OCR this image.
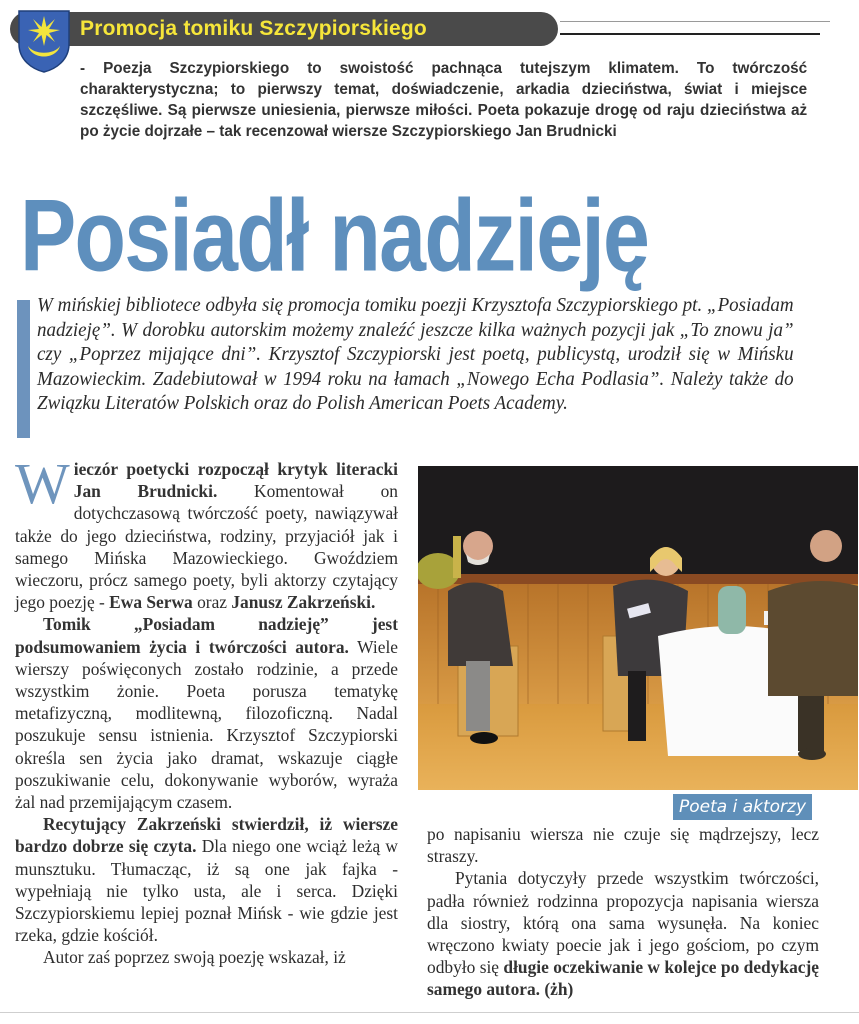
Promocja tomiku Szczypiorskiego
- Poezja Szczypiorskiego to swoistość pachnąca tutejszym klimatem. To twórczość charakterystyczna; to pierwszy temat, doświadczenie, arkadia dzieciństwa, świat i miejsce szczęśliwe. Są pierwsze uniesienia, pierwsze miłości. Poeta pokazuje drogę od raju dzieciństwa aż po życie dojrzałe – tak recenzował wiersze Szczypiorskiego Jan Brudnicki
Posiadł nadzieję
W mińskiej bibliotece odbyła się promocja tomiku poezji Krzysztofa Szczypiorskiego pt. „Posiadam nadzieję”. W dorobku autorskim możemy znaleźć jeszcze kilka ważnych pozycji jak „To znowu ja” czy „Poprzez mijające dni”. Krzysztof Szczypiorski jest poetą, publicystą, urodził się w Mińsku Mazowieckim. Zadebiutował w 1994 roku na łamach „Nowego Echa Podlasia”. Należy także do Związku Literatów Polskich oraz do Polish American Poets Academy.

Wieczór poetycki rozpoczął krytyk literacki Jan Brudnicki. Komentował on dotychczasową twórczość poety, nawiązywał także do jego dzieciństwa, rodziny, przyjaciół jak i samego Mińska Mazowieckiego. Gwoździem wieczoru, prócz samego poety, byli aktorzy czytający jego poezję - Ewa Serwa oraz Janusz Zakrzeński.

Tomik „Posiadam nadzieję” jest podsumowaniem życia i twórczości autora. Wiele wierszy poświęconych zostało rodzinie, a przede wszystkim żonie. Poeta porusza tematykę metafizyczną, modlitewną, filozoficzną. Nadal poszukuje sensu istnienia. Krzysztof Szczypiorski określa sen życia jako dramat, wskazuje ciągłe poszukiwanie celu, dokonywanie wyborów, wyraża żal nad przemijającym czasem.

Recytujący Zakrzeński stwierdził, iż wiersze bardzo dobrze się czyta. Dla niego one wciąż leżą w munsztuku. Tłumacząc, iż są one jak fajka - wypełniają nie tylko usta, ale i serca. Dzięki Szczypiorskiemu lepiej poznał Mińsk - wie gdzie jest rzeka, gdzie kościół.

Autor zaś poprzez swoją poezję wskazał, iż

Poeta i aktorzy

po napisaniu wiersza nie czuje się mądrzejszy, lecz straszy.

Pytania dotyczyły przede wszystkim twórczości, padła również rodzinna propozycja napisania wiersza dla siostry, którą ona sama wysunęła. Na koniec wręczono kwiaty poecie jak i jego gościom, po czym odbyło się długie oczekiwanie w kolejce po dedykację samego autora. (żh)
